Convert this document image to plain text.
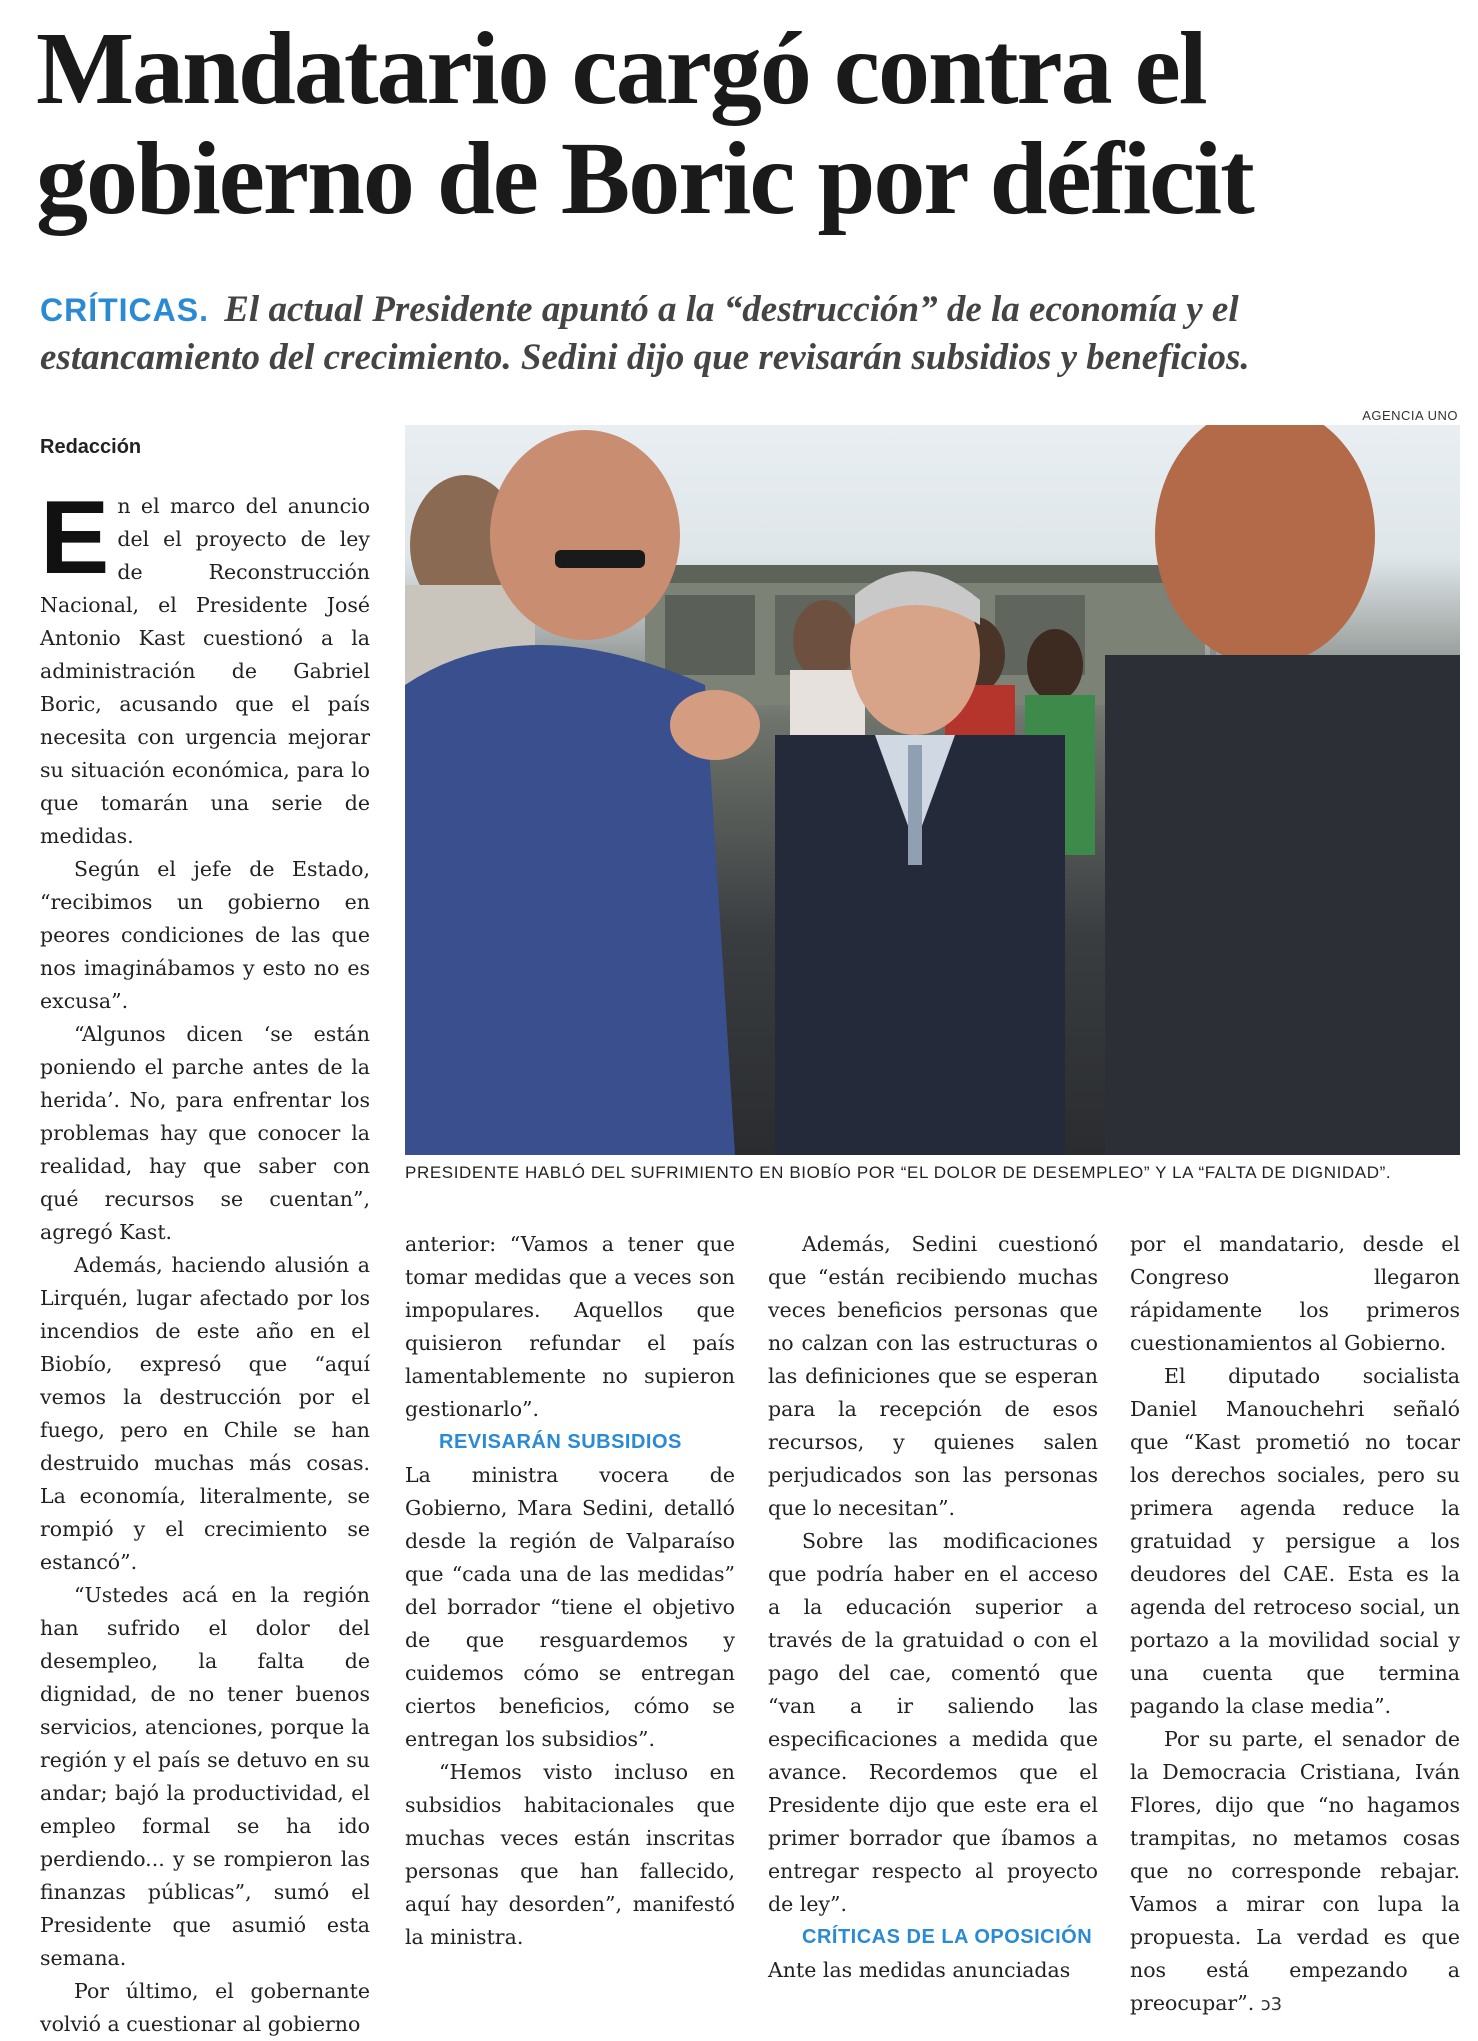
Mandatario cargó contra el
gobierno de Boric por déficit
CRÍTICAS. El actual Presidente apuntó a la “destrucción” de la economía y el estancamiento del crecimiento. Sedini dijo que revisarán subsidios y beneficios.
Redacción
AGENCIA UNO
PRESIDENTE HABLÓ DEL SUFRIMIENTO EN BIOBÍO POR “EL DOLOR DE DESEMPLEO” Y LA “FALTA DE DIGNIDAD”.

En el marco del anuncio del el proyecto de ley de Reconstrucción Nacional, el Presidente José Antonio Kast cuestionó a la administración de Gabriel Boric, acusando que el país necesita con urgencia mejorar su situación económica, para lo que tomarán una serie de medidas.

Según el jefe de Estado, “recibimos un gobierno en peores condiciones de las que nos imaginábamos y esto no es excusa”.

“Algunos dicen ‘se están poniendo el parche antes de la herida’. No, para enfrentar los problemas hay que conocer la realidad, hay que saber con qué recursos se cuentan”, agregó Kast.

Además, haciendo alusión a Lirquén, lugar afectado por los incendios de este año en el Biobío, expresó que “aquí vemos la destrucción por el fuego, pero en Chile se han destruido muchas más cosas. La economía, literalmente, se rompió y el crecimiento se estancó”.

“Ustedes acá en la región han sufrido el dolor del desempleo, la falta de dignidad, de no tener buenos servicios, atenciones, porque la región y el país se detuvo en su andar; bajó la productividad, el empleo formal se ha ido perdiendo... y se rompieron las finanzas públicas”, sumó el Presidente que asumió esta semana.

Por último, el gobernante volvió a cuestionar al gobierno

anterior: “Vamos a tener que tomar medidas que a veces son impopulares. Aquellos que quisieron refundar el país lamentablemente no supieron gestionarlo”.

REVISARÁN SUBSIDIOS

La ministra vocera de Gobierno, Mara Sedini, detalló desde la región de Valparaíso que “cada una de las medidas” del borrador “tiene el objetivo de que resguardemos y cuidemos cómo se entregan ciertos beneficios, cómo se entregan los subsidios”.

“Hemos visto incluso en subsidios habitacionales que muchas veces están inscritas personas que han fallecido, aquí hay desorden”, manifestó la ministra.

Además, Sedini cuestionó que “están recibiendo muchas veces beneficios personas que no calzan con las estructuras o las definiciones que se esperan para la recepción de esos recursos, y quienes salen perjudicados son las personas que lo necesitan”.

Sobre las modificaciones que podría haber en el acceso a la educación superior a través de la gratuidad o con el pago del cae, comentó que “van a ir saliendo las especificaciones a medida que avance. Recordemos que el Presidente dijo que este era el primer borrador que íbamos a entregar respecto al proyecto de ley”.

CRÍTICAS DE LA OPOSICIÓN

Ante las medidas anunciadas

por el mandatario, desde el Congreso llegaron rápidamente los primeros cuestionamientos al Gobierno.

El diputado socialista Daniel Manouchehri señaló que “Kast prometió no tocar los derechos sociales, pero su primera agenda reduce la gratuidad y persigue a los deudores del CAE. Esta es la agenda del retroceso social, un portazo a la movilidad social y una cuenta que termina pagando la clase media”.

Por su parte, el senador de la Democracia Cristiana, Iván Flores, dijo que “no hagamos trampitas, no metamos cosas que no corresponde rebajar. Vamos a mirar con lupa la propuesta. La verdad es que nos está empezando a preocupar”. ↄ3
